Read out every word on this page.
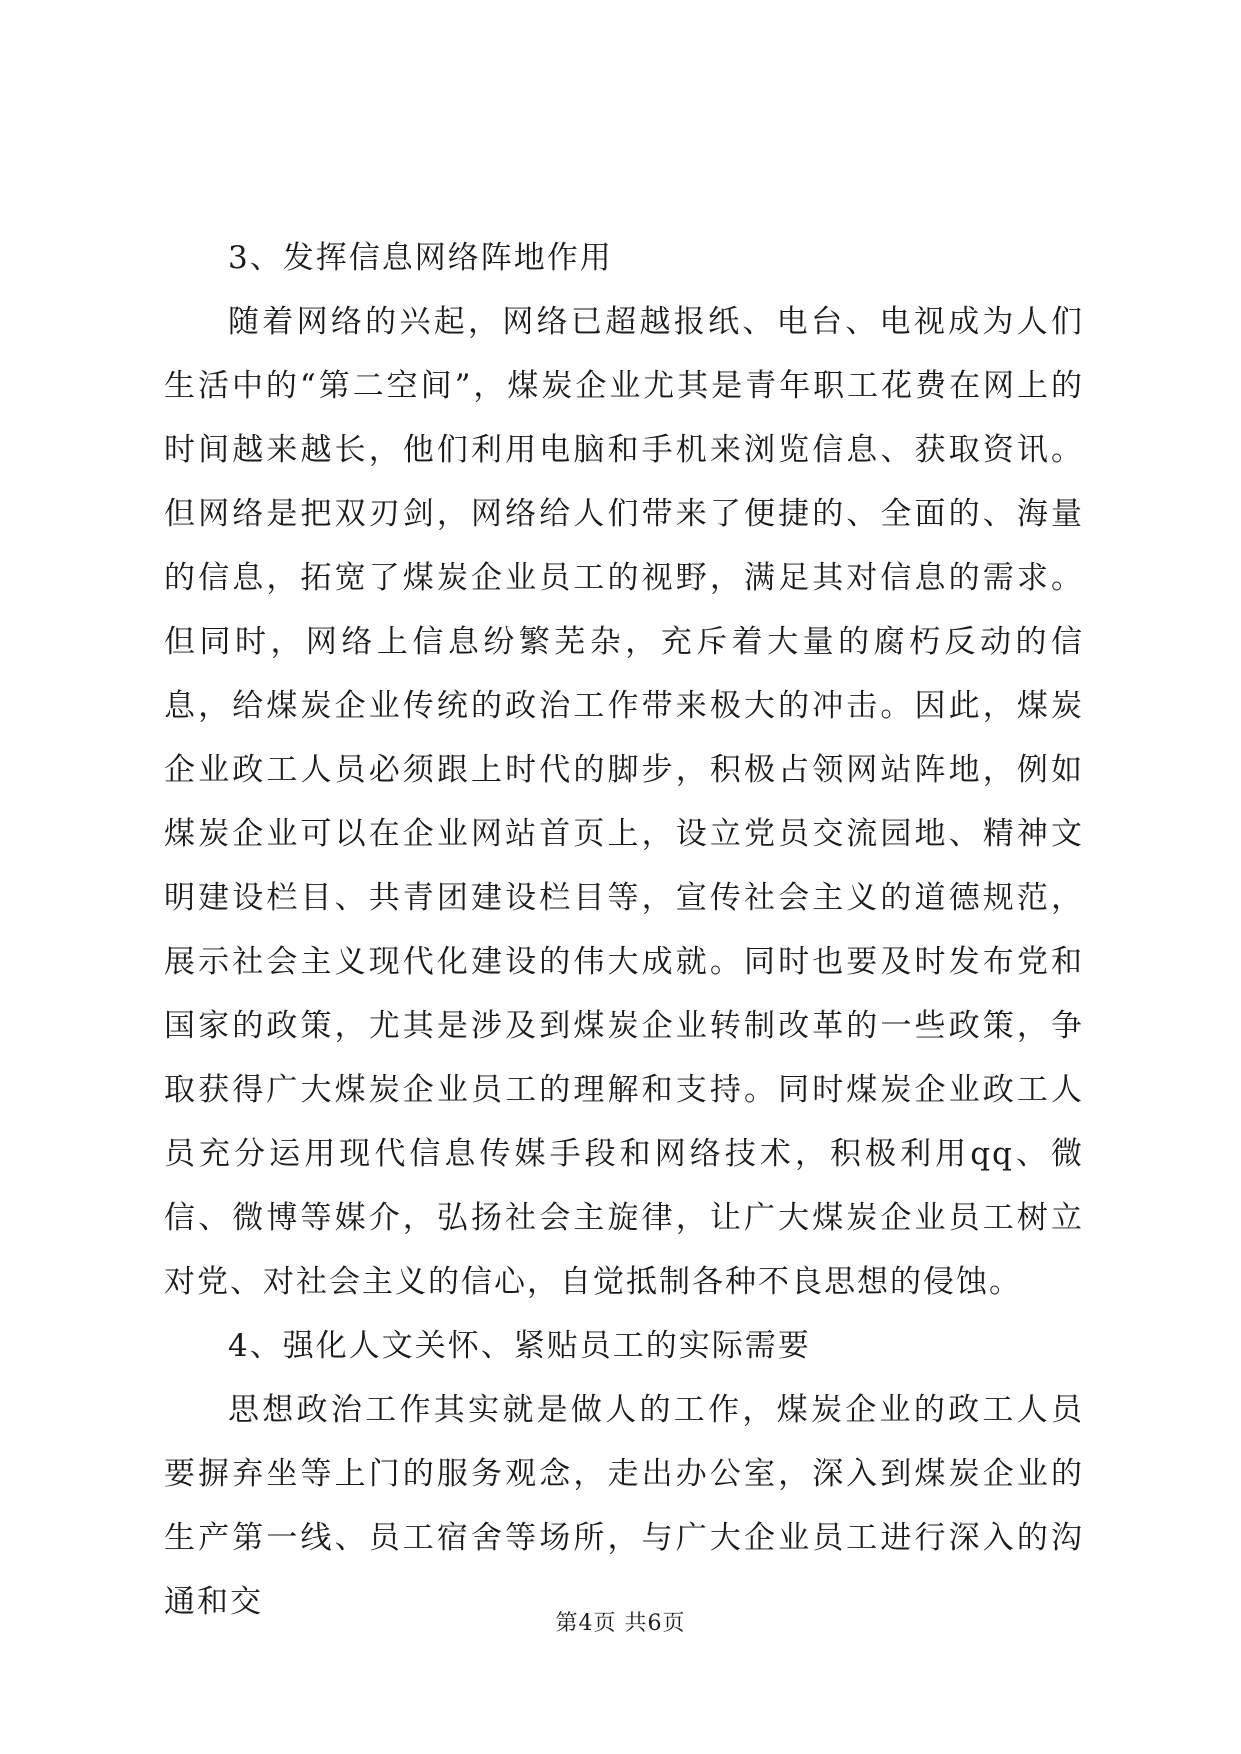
3、发挥信息网络阵地作用

随着网络的兴起，网络已超越报纸、电台、电视成为人们生活中的“第二空间”，煤炭企业尤其是青年职工花费在网上的时间越来越长，他们利用电脑和手机来浏览信息、获取资讯。但网络是把双刃剑，网络给人们带来了便捷的、全面的、海量的信息，拓宽了煤炭企业员工的视野，满足其对信息的需求。但同时，网络上信息纷繁芜杂，充斥着大量的腐朽反动的信息，给煤炭企业传统的政治工作带来极大的冲击。因此，煤炭企业政工人员必须跟上时代的脚步，积极占领网站阵地，例如煤炭企业可以在企业网站首页上，设立党员交流园地、精神文明建设栏目、共青团建设栏目等，宣传社会主义的道德规范，展示社会主义现代化建设的伟大成就。同时也要及时发布党和国家的政策，尤其是涉及到煤炭企业转制改革的一些政策，争取获得广大煤炭企业员工的理解和支持。同时煤炭企业政工人员充分运用现代信息传媒手段和网络技术，积极利用qq、微信、微博等媒介，弘扬社会主旋律，让广大煤炭企业员工树立对党、对社会主义的信心，自觉抵制各种不良思想的侵蚀。

4、强化人文关怀、紧贴员工的实际需要

思想政治工作其实就是做人的工作，煤炭企业的政工人员要摒弃坐等上门的服务观念，走出办公室，深入到煤炭企业的生产第一线、员工宿舍等场所，与广大企业员工进行深入的沟通和交

第4页 共6页
